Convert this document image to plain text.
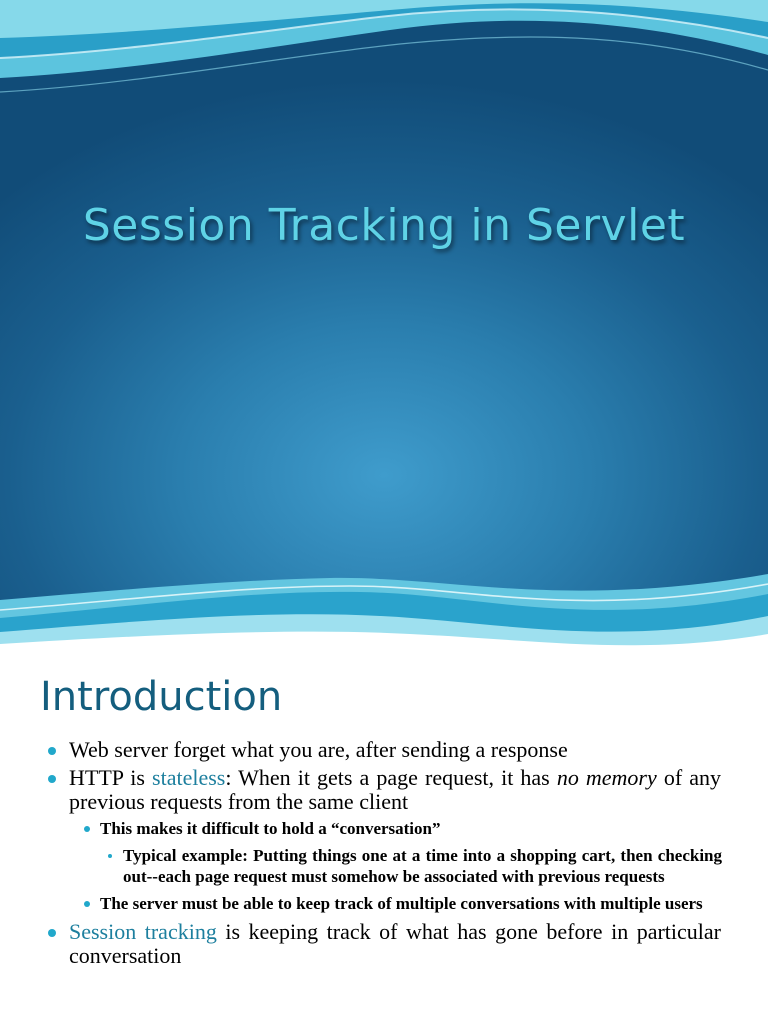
Session Tracking in Servlet
Introduction
Web server forget what you are, after sending a response
HTTP is stateless: When it gets a page request, it has no memory of any previous requests from the same client
This makes it difficult to hold a “conversation”
Typical example: Putting things one at a time into a shopping cart, then checking out--each page request must somehow be associated with previous requests
The server must be able to keep track of multiple conversations with multiple users
Session tracking is keeping track of what has gone before in particular conversation
